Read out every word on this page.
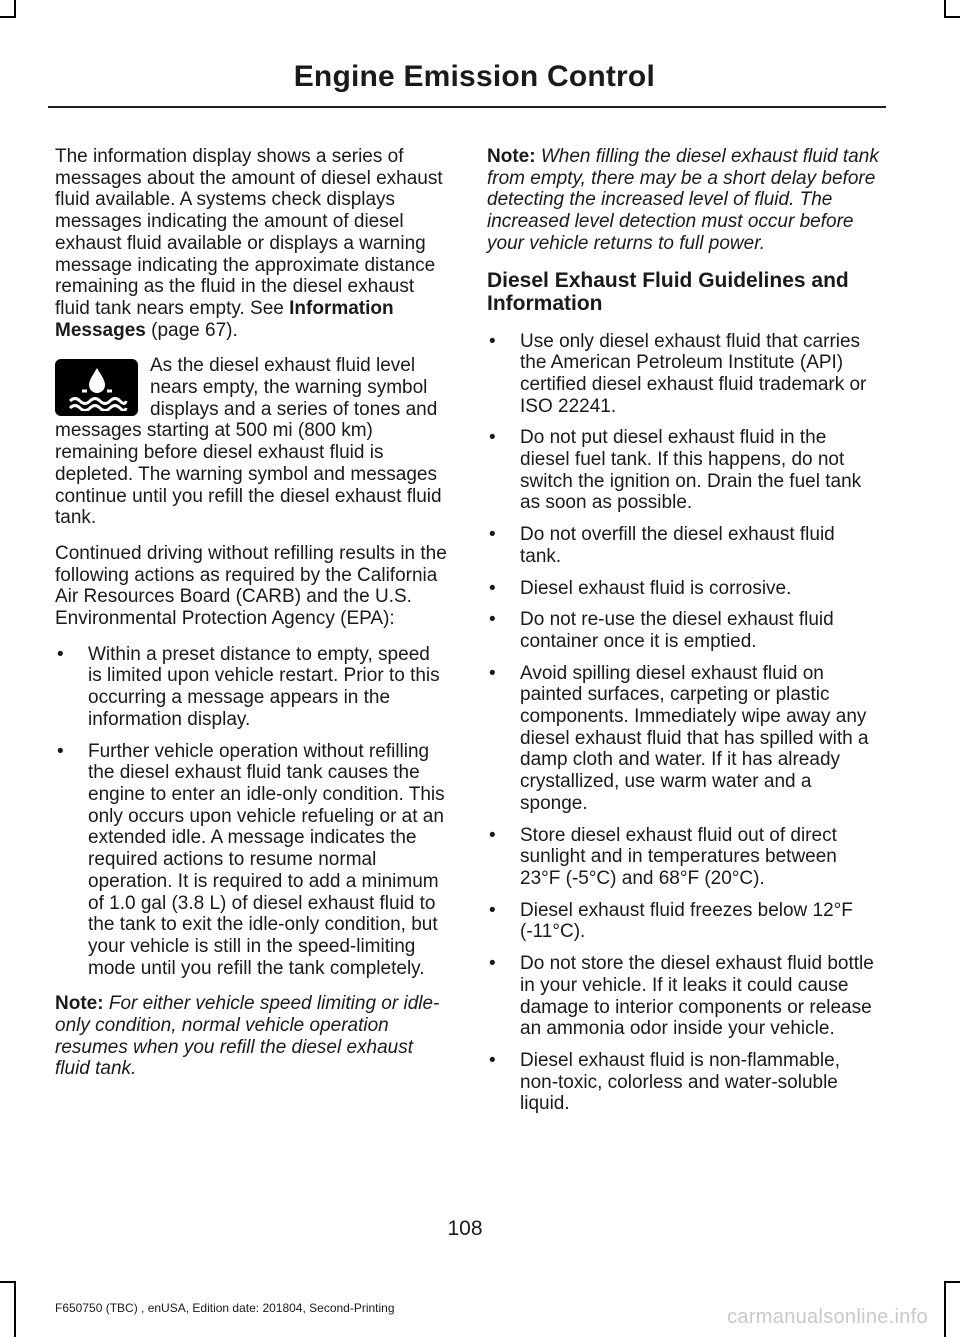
Engine Emission Control

The information display shows a series of messages about the amount of diesel exhaust fluid available. A systems check displays messages indicating the amount of diesel exhaust fluid available or displays a warning message indicating the approximate distance remaining as the fluid in the diesel exhaust fluid tank nears empty. See Information Messages (page 67).

As the diesel exhaust fluid level nears empty, the warning symbol displays and a series of tones and messages starting at 500 mi (800 km) remaining before diesel exhaust fluid is depleted. The warning symbol and messages continue until you refill the diesel exhaust fluid tank.

Continued driving without refilling results in the following actions as required by the California Air Resources Board (CARB) and the U.S. Environmental Protection Agency (EPA):

• Within a preset distance to empty, speed is limited upon vehicle restart. Prior to this occurring a message appears in the information display.
• Further vehicle operation without refilling the diesel exhaust fluid tank causes the engine to enter an idle-only condition. This only occurs upon vehicle refueling or at an extended idle. A message indicates the required actions to resume normal operation. It is required to add a minimum of 1.0 gal (3.8 L) of diesel exhaust fluid to the tank to exit the idle-only condition, but your vehicle is still in the speed-limiting mode until you refill the tank completely.

Note: For either vehicle speed limiting or idle-only condition, normal vehicle operation resumes when you refill the diesel exhaust fluid tank.

Note: When filling the diesel exhaust fluid tank from empty, there may be a short delay before detecting the increased level of fluid. The increased level detection must occur before your vehicle returns to full power.

Diesel Exhaust Fluid Guidelines and Information
• Use only diesel exhaust fluid that carries the American Petroleum Institute (API) certified diesel exhaust fluid trademark or ISO 22241.
• Do not put diesel exhaust fluid in the diesel fuel tank. If this happens, do not switch the ignition on. Drain the fuel tank as soon as possible.
• Do not overfill the diesel exhaust fluid tank.
• Diesel exhaust fluid is corrosive.
• Do not re-use the diesel exhaust fluid container once it is emptied.
• Avoid spilling diesel exhaust fluid on painted surfaces, carpeting or plastic components. Immediately wipe away any diesel exhaust fluid that has spilled with a damp cloth and water. If it has already crystallized, use warm water and a sponge.
• Store diesel exhaust fluid out of direct sunlight and in temperatures between 23°F (-5°C) and 68°F (20°C).
• Diesel exhaust fluid freezes below 12°F (-11°C).
• Do not store the diesel exhaust fluid bottle in your vehicle. If it leaks it could cause damage to interior components or release an ammonia odor inside your vehicle.
• Diesel exhaust fluid is non-flammable, non-toxic, colorless and water-soluble liquid.
108
F650750 (TBC) , enUSA, Edition date: 201804, Second-Printing	carmanualsonline.info
